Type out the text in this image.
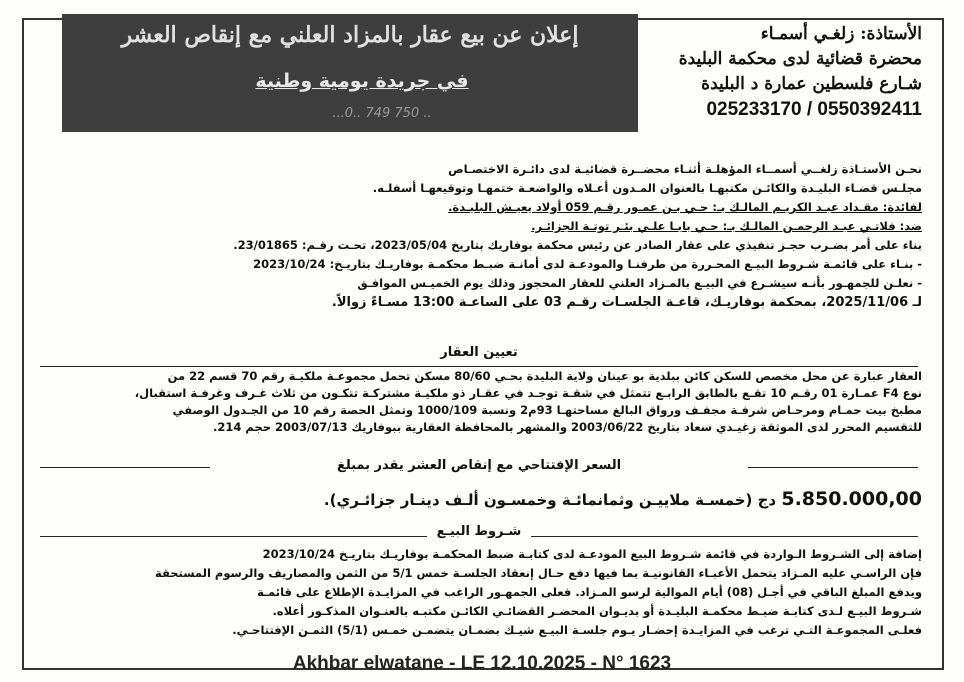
إعلان عن بيع عقار بالمزاد العلني مع إنقاص العشر
في جريدة يومية وطنية
...0.. 749 750 ..
الأستاذة: زلغـي أسمـاء
محضرة قضائية لدى محكمة البليدة
شـارع فلسطين عمارة د البليدة
025233170 / 0550392411
نحـن الأستـاذة زلغــي أسمــاء المؤهلـة أثنـاء محضــرة قضائيـة لدى دائـرة الاختصـاص
مجلـس قضـاء البليـدة والكائـن مكتبهـا بالعنوان المـدون أعـلاه والواضعـة ختمهـا وتوقيعهـا أسفلـه.
لفائدة: مقـداد عبـد الكريـم المالـك بـ: حـي بـن عمـور رقـم 059 أولاد يعيـش البليـدة.
ضد: فلاتـي عبـد الرحمـن المالـك بـ: حـي بابـا علـي بئـر توتـة الجزائـر.
بناء على أمر بضـرب حجـز تنفيذي على عقار الصادر عن رئيس محكمة بوفاريك بتاريخ 2023/05/04، تحـت رقـم: 23/01865.
- بنـاء على قائمـة شـروط البيـع المحـررة من طرفنـا والمودعـة لدى أمانـة ضبـط محكمـة بوفاريـك بتاريـخ: 2023/10/24
- نعلـن للجمهـور بأنـه سيشـرع في البيـع بالمـزاد العلني للعقار المحجوز وذلك يوم الخميـس الموافـق
لـ 2025/11/06، بمحكمة بوفاريـك، قاعـة الجلسـات رقـم 03 على الساعـة 13:00 مسـاءً زوالاً.
تعيين العقار
العقار عبارة عن محل مخصص للسكن كائن ببلدية بو عينان ولاية البليدة بحـي 80/60 مسكن تحمل مجموعـة ملكيـة رقم 70 قسم 22 من
نوع F4 عمـارة 01 رقـم 10 تقـع بالطابق الرابـع تتمثل في شقـة توجـد في عقـار ذو ملكيـة مشتركـة تتكـون من ثلاث غـرف وغرفـة استقبال،
مطبخ بيت حمـام ومرحـاض شرفـة مجفـف ورواق البالغ مساحتهـا 93م2 ونسبة 1000/109 وتمثل الحصة رقم 10 من الجـدول الوصفي
للتقسيم المحرر لدى الموثقة زغيـدي سعاد بتاريخ 2003/06/22 والمشهر بالمحافظة العقارية ببوفاريك 2003/07/13 حجم 214.
السعر الإفتتاحي مع إنقاص العشر يقدر بمبلغ
5.850.000,00 دج (خمسـة ملاييـن وثمانمائـة وخمسـون ألـف دينـار جزائـري).
شـروط البيـع
إضافة إلى الشـروط الـواردة في قائمة شـروط البيع المودعـة لدى كتابـة ضبط المحكمـة بوفاريـك بتاريـخ 2023/10/24
فإن الراسـي عليه المـزاد يتحمل الأعبـاء القانونيـة بما فيها دفع حـال إنعقاد الجلسـة خمس 5/1 من الثمن والمصاريف والرسوم المستحقة
ويدفع المبلغ الباقي في أجـل (08) أيام الموالية لرسو المـزاد. فعلى الجمهـور الراغب في المزايـدة الإطلاع على قائمـة
شـروط البيـع لـدى كتابـة ضبـط محكمـة البليـدة أو بديـوان المحضـر القضائـي الكائـن مكتبـه بالعنـوان المذكـور أعلاه.
فعلـى المجموعـة التـي ترغب في المزايـدة إحضـار يـوم جلسـة البيـع شيـك بضمـان يتضمـن خمـس (5/1) الثمـن الإفتتاحـي.
Akhbar elwatane - LE 12.10.2025 - N° 1623
